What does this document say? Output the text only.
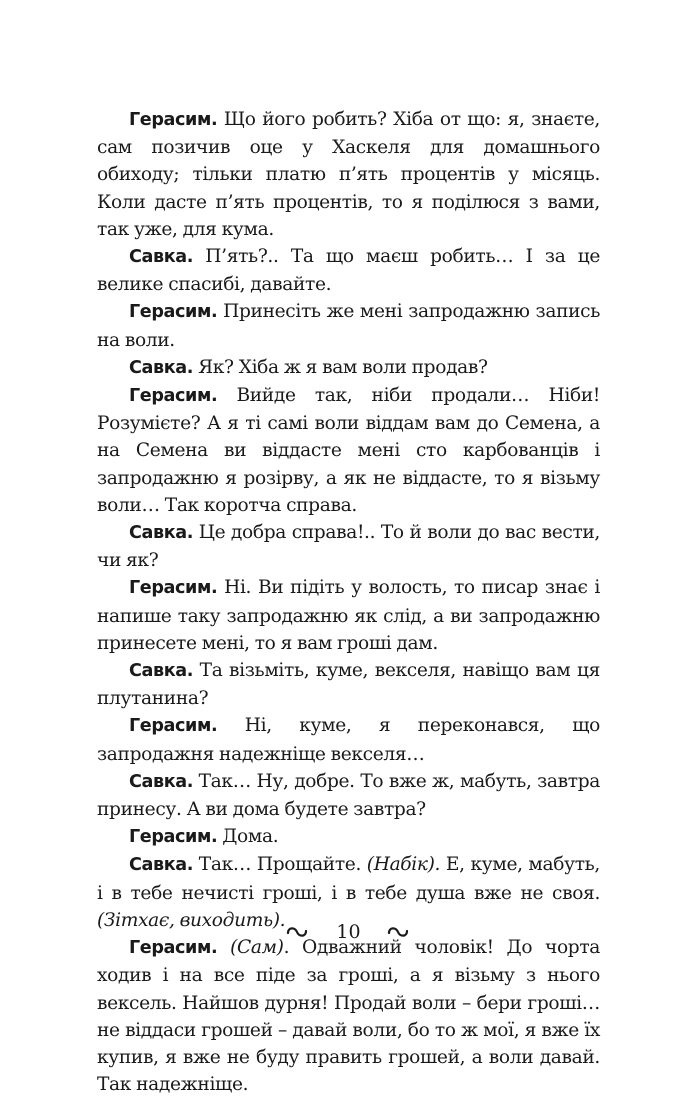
Герасим. Що його робить? Хіба от що: я, знаєте, сам позичив оце у Хаскеля для домашнього обиходу; тільки платю п’ять процентів у місяць. Коли дасте п’ять процентів, то я поділюся з вами, так уже, для кума.

Савка. П’ять?.. Та що маєш робить… І за це велике спасибі, давайте.

Герасим. Принесіть же мені запродажню запись на воли.

Савка. Як? Хіба ж я вам воли продав?

Герасим. Вийде так, ніби продали… Ніби! Розумієте? А я ті самі воли віддам вам до Семена, а на Семена ви віддасте мені сто карбованців і запродажню я розірву, а як не віддасте, то я візьму воли… Так коротча справа.

Савка. Це добра справа!.. То й воли до вас вести, чи як?

Герасим. Ні. Ви підіть у волость, то писар знає і напише таку запродажню як слід, а ви запродажню принесете мені, то я вам гроші дам.

Савка. Та візьміть, куме, векселя, навіщо вам ця плутанина?

Герасим. Ні, куме, я переконався, що запродажня надежніще векселя…

Савка. Так… Ну, добре. То вже ж, мабуть, завтра принесу. А ви дома будете завтра?

Герасим. Дома.

Савка. Так… Прощайте. (Набік). Е, куме, мабуть, і в тебе нечисті гроші, і в тебе душа вже не своя. (Зітхає, виходить).

Герасим. (Сам). Одважний чоловік! До чорта ходив і на все піде за гроші, а я візьму з нього вексель. Найшов дурня! Продай воли – бери гроші… не віддаси грошей – давай воли, бо то ж мої, я вже їх купив, я вже не буду править грошей, а воли давай. Так надежніще.

10
